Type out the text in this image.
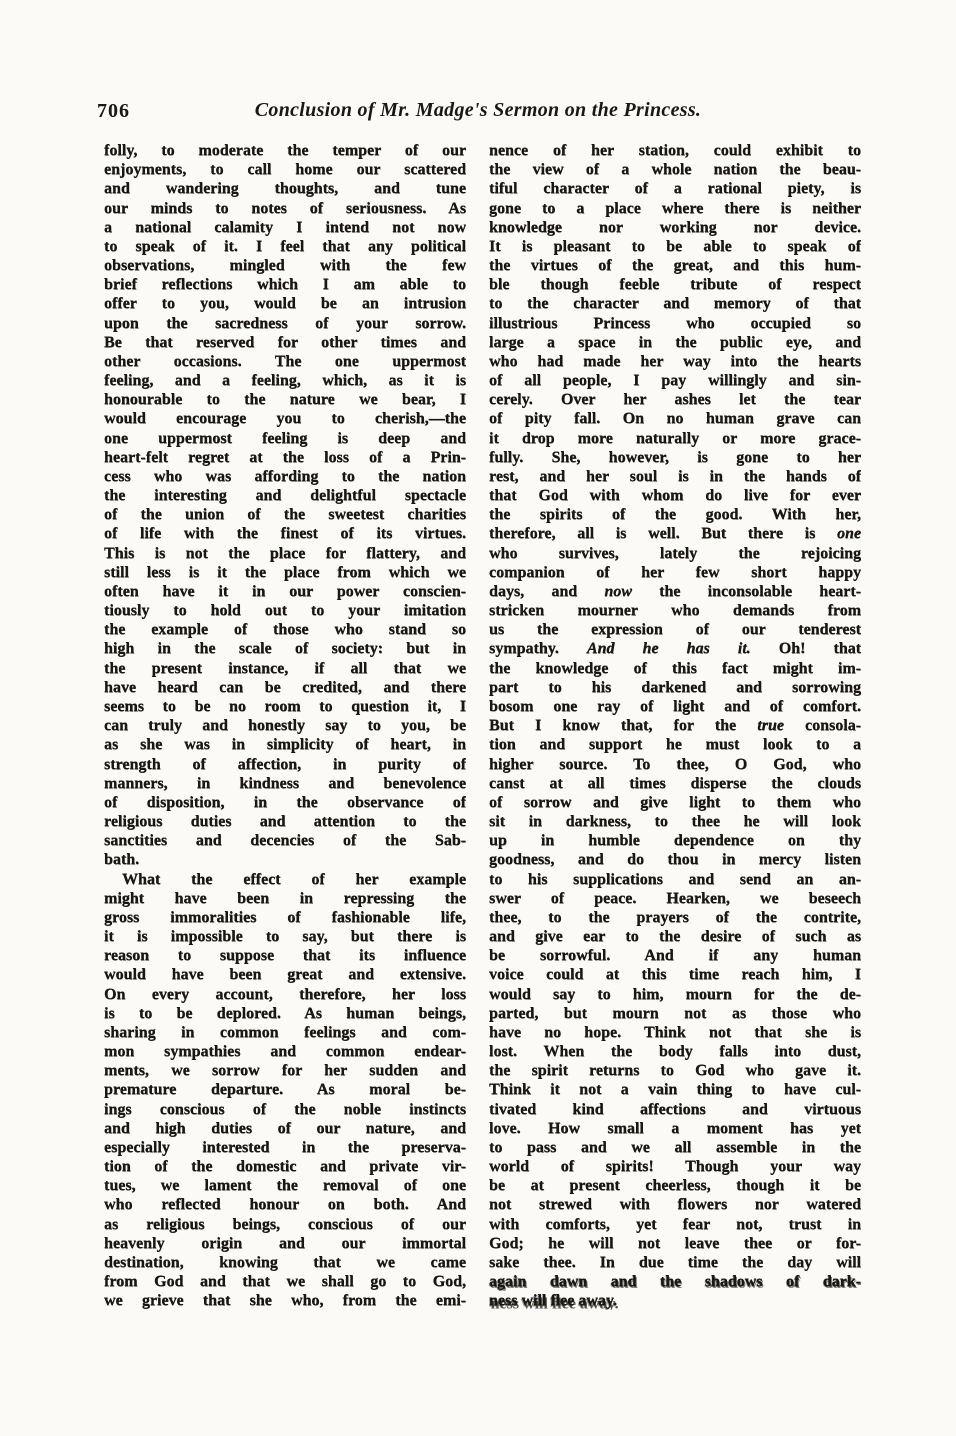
706	Conclusion of Mr. Madge's Sermon on the Princess.
folly, to moderate the temper of our
enjoyments, to call home our scattered
and wandering thoughts, and tune
our minds to notes of seriousness. As
a national calamity I intend not now
to speak of it. I feel that any political
observations, mingled with the few
brief reflections which I am able to
offer to you, would be an intrusion
upon the sacredness of your sorrow.
Be that reserved for other times and
other occasions. The one uppermost
feeling, and a feeling, which, as it is
honourable to the nature we bear, I
would encourage you to cherish,—the
one uppermost feeling is deep and
heart-felt regret at the loss of a Prin-
cess who was affording to the nation
the interesting and delightful spectacle
of the union of the sweetest charities
of life with the finest of its virtues.
This is not the place for flattery, and
still less is it the place from which we
often have it in our power conscien-
tiously to hold out to your imitation
the example of those who stand so
high in the scale of society: but in
the present instance, if all that we
have heard can be credited, and there
seems to be no room to question it, I
can truly and honestly say to you, be
as she was in simplicity of heart, in
strength of affection, in purity of
manners, in kindness and benevolence
of disposition, in the observance of
religious duties and attention to the
sanctities and decencies of the Sab-
bath.
What the effect of her example
might have been in repressing the
gross immoralities of fashionable life,
it is impossible to say, but there is
reason to suppose that its influence
would have been great and extensive.
On every account, therefore, her loss
is to be deplored. As human beings,
sharing in common feelings and com-
mon sympathies and common endear-
ments, we sorrow for her sudden and
premature departure. As moral be-
ings conscious of the noble instincts
and high duties of our nature, and
especially interested in the preserva-
tion of the domestic and private vir-
tues, we lament the removal of one
who reflected honour on both. And
as religious beings, conscious of our
heavenly origin and our immortal
destination, knowing that we came
from God and that we shall go to God,
we grieve that she who, from the emi-
nence of her station, could exhibit to
the view of a whole nation the beau-
tiful character of a rational piety, is
gone to a place where there is neither
knowledge nor working nor device.
It is pleasant to be able to speak of
the virtues of the great, and this hum-
ble though feeble tribute of respect
to the character and memory of that
illustrious Princess who occupied so
large a space in the public eye, and
who had made her way into the hearts
of all people, I pay willingly and sin-
cerely. Over her ashes let the tear
of pity fall. On no human grave can
it drop more naturally or more grace-
fully. She, however, is gone to her
rest, and her soul is in the hands of
that God with whom do live for ever
the spirits of the good. With her,
therefore, all is well. But there is one
who survives, lately the rejoicing
companion of her few short happy
days, and now the inconsolable heart-
stricken mourner who demands from
us the expression of our tenderest
sympathy. And he has it. Oh! that
the knowledge of this fact might im-
part to his darkened and sorrowing
bosom one ray of light and of comfort.
But I know that, for the true consola-
tion and support he must look to a
higher source. To thee, O God, who
canst at all times disperse the clouds
of sorrow and give light to them who
sit in darkness, to thee he will look
up in humble dependence on thy
goodness, and do thou in mercy listen
to his supplications and send an an-
swer of peace. Hearken, we beseech
thee, to the prayers of the contrite,
and give ear to the desire of such as
be sorrowful. And if any human
voice could at this time reach him, I
would say to him, mourn for the de-
parted, but mourn not as those who
have no hope. Think not that she is
lost. When the body falls into dust,
the spirit returns to God who gave it.
Think it not a vain thing to have cul-
tivated kind affections and virtuous
love. How small a moment has yet
to pass and we all assemble in the
world of spirits! Though your way
be at present cheerless, though it be
not strewed with flowers nor watered
with comforts, yet fear not, trust in
God; he will not leave thee or for-
sake thee. In due time the day will
again dawn and the shadows of dark-
ness will flee away.
